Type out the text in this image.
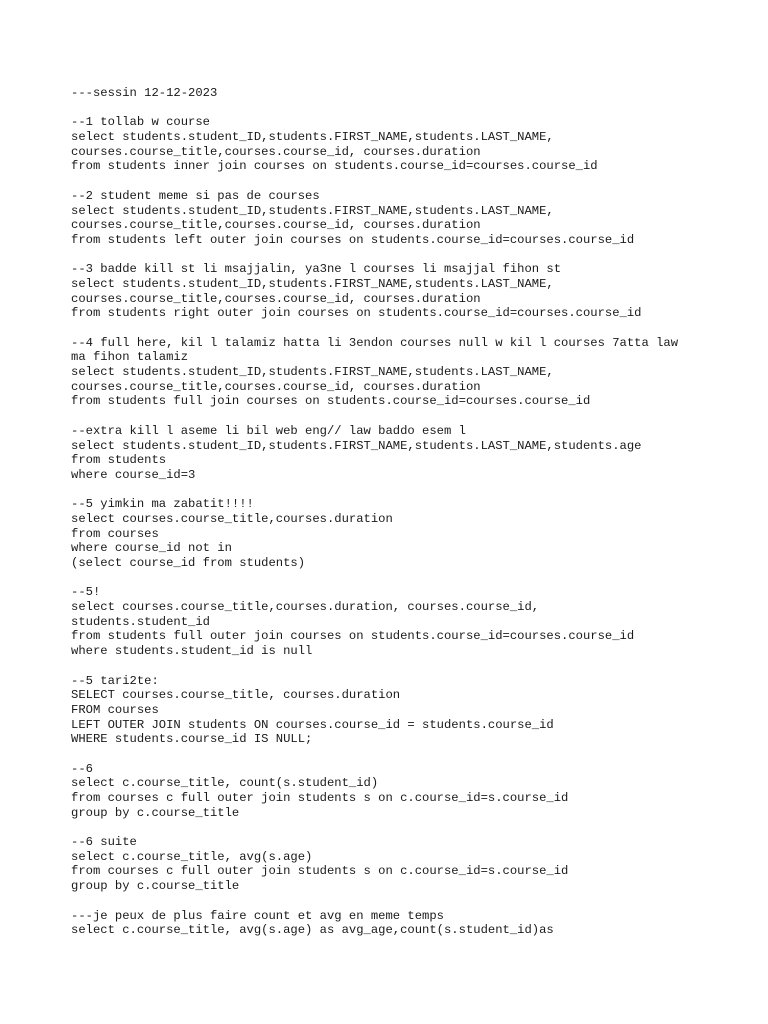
---sessin 12-12-2023
--1 tollab w course
select students.student_ID,students.FIRST_NAME,students.LAST_NAME,
courses.course_title,courses.course_id, courses.duration
from students inner join courses on students.course_id=courses.course_id
--2 student meme si pas de courses
select students.student_ID,students.FIRST_NAME,students.LAST_NAME,
courses.course_title,courses.course_id, courses.duration
from students left outer join courses on students.course_id=courses.course_id
--3 badde kill st li msajjalin, ya3ne l courses li msajjal fihon st
select students.student_ID,students.FIRST_NAME,students.LAST_NAME,
courses.course_title,courses.course_id, courses.duration
from students right outer join courses on students.course_id=courses.course_id
--4 full here, kil l talamiz hatta li 3endon courses null w kil l courses 7atta law
ma fihon talamiz
select students.student_ID,students.FIRST_NAME,students.LAST_NAME,
courses.course_title,courses.course_id, courses.duration
from students full join courses on students.course_id=courses.course_id
--extra kill l aseme li bil web eng// law baddo esem l
select students.student_ID,students.FIRST_NAME,students.LAST_NAME,students.age
from students
where course_id=3
--5 yimkin ma zabatit!!!!
select courses.course_title,courses.duration
from courses
where course_id not in
(select course_id from students)
--5!
select courses.course_title,courses.duration, courses.course_id,
students.student_id
from students full outer join courses on students.course_id=courses.course_id
where students.student_id is null
--5 tari2te:
SELECT courses.course_title, courses.duration
FROM courses
LEFT OUTER JOIN students ON courses.course_id = students.course_id
WHERE students.course_id IS NULL;
--6
select c.course_title, count(s.student_id)
from courses c full outer join students s on c.course_id=s.course_id
group by c.course_title
--6 suite
select c.course_title, avg(s.age)
from courses c full outer join students s on c.course_id=s.course_id
group by c.course_title
---je peux de plus faire count et avg en meme temps
select c.course_title, avg(s.age) as avg_age,count(s.student_id)as
